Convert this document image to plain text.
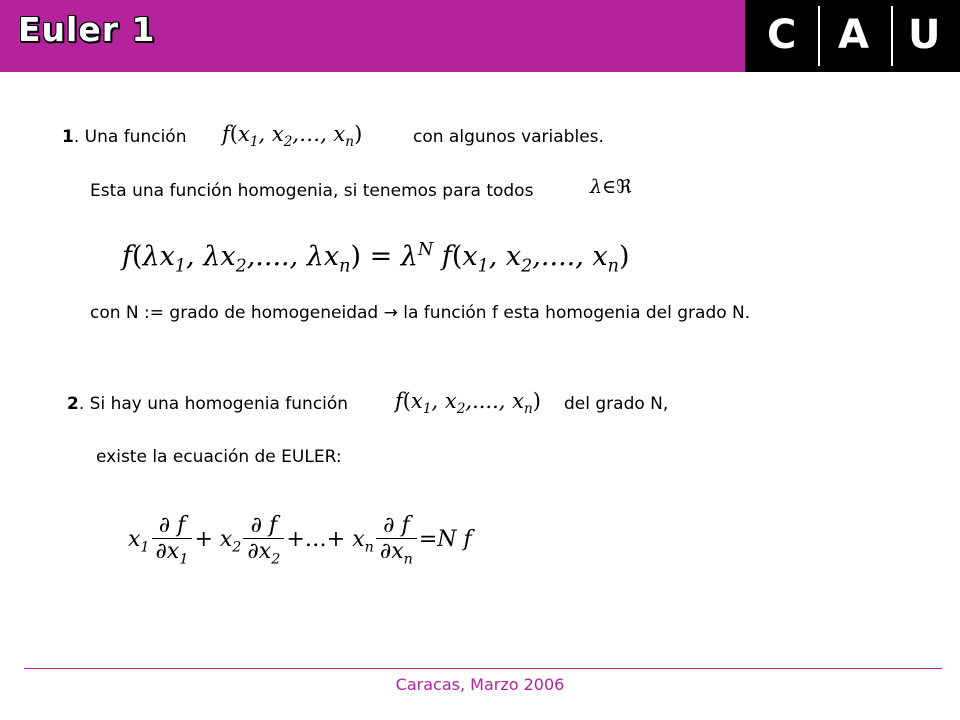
Euler 1	C A U
1. Una función $f(x_1$, $x_2,\dots$, $x_n$)	con algunos variables.
Esta una función homogenia, si tenemos para todos	λ∈ℜ
$f(\lambda x_1$, $\lambda x_2$,...., $\lambda x_n) = \lambda^N$ $f(x_1$, $x_2$,...., $x_n$)
con N := grado de homogeneidad → la función f esta homogenia del grado N.
2. Si hay una homogenia función $f(x_1$, $x_2$,...., $x_n$) del grado N,
existe la ecuación de EULER:
$x_1 \frac{\partial f}{\partial x_1} + x_2 \frac{\partial f}{\partial x_2}$ +…+ $x_n \frac{\partial f}{\partial x_n} =N$ f
Caracas, Marzo 2006
